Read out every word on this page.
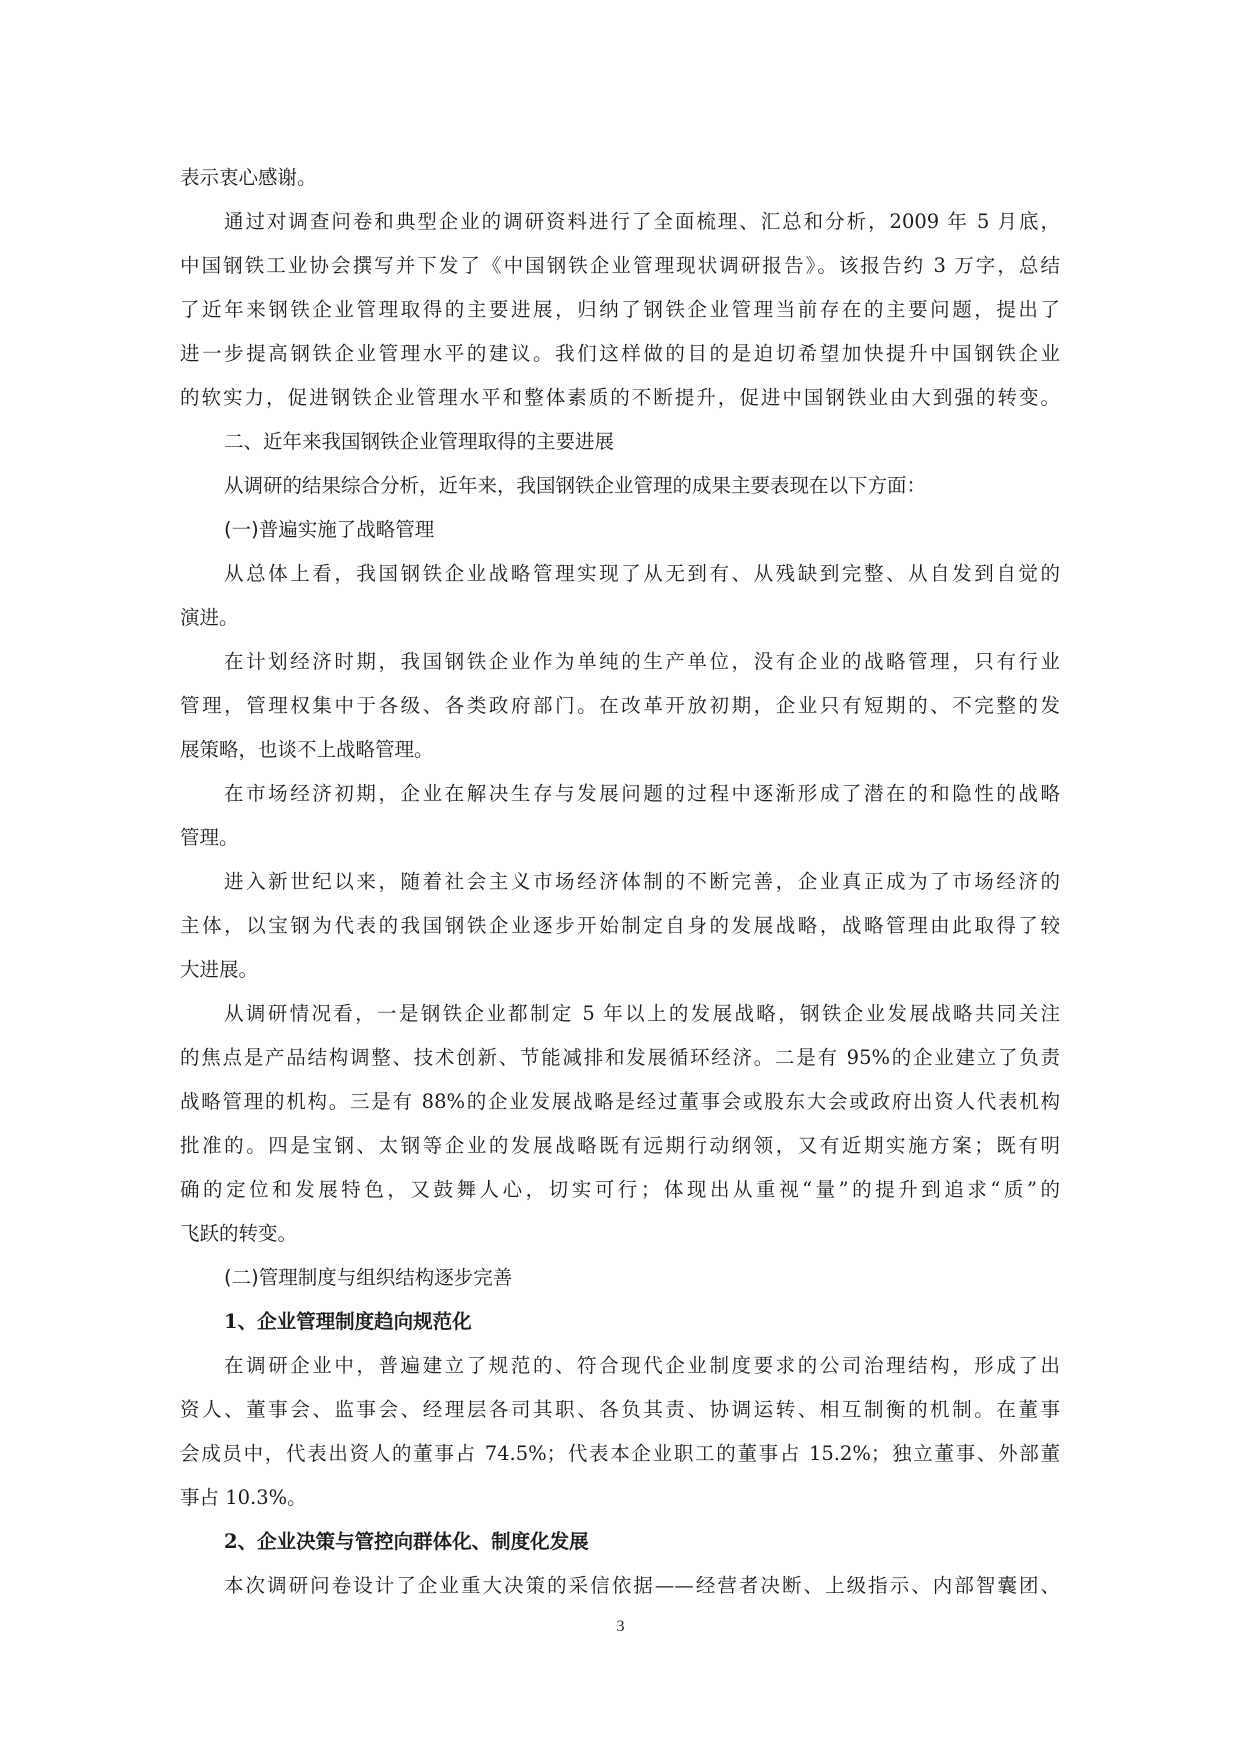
表示衷心感谢。
通过对调查问卷和典型企业的调研资料进行了全面梳理、汇总和分析，2009 年 5 月底，
中国钢铁工业协会撰写并下发了《中国钢铁企业管理现状调研报告》。该报告约 3 万字，总结
了近年来钢铁企业管理取得的主要进展，归纳了钢铁企业管理当前存在的主要问题，提出了
进一步提高钢铁企业管理水平的建议。我们这样做的目的是迫切希望加快提升中国钢铁企业
的软实力，促进钢铁企业管理水平和整体素质的不断提升，促进中国钢铁业由大到强的转变。
二、近年来我国钢铁企业管理取得的主要进展
从调研的结果综合分析，近年来，我国钢铁企业管理的成果主要表现在以下方面：
(一)普遍实施了战略管理
从总体上看，我国钢铁企业战略管理实现了从无到有、从残缺到完整、从自发到自觉的
演进。
在计划经济时期，我国钢铁企业作为单纯的生产单位，没有企业的战略管理，只有行业
管理，管理权集中于各级、各类政府部门。在改革开放初期，企业只有短期的、不完整的发
展策略，也谈不上战略管理。
在市场经济初期，企业在解决生存与发展问题的过程中逐渐形成了潜在的和隐性的战略
管理。
进入新世纪以来，随着社会主义市场经济体制的不断完善，企业真正成为了市场经济的
主体，以宝钢为代表的我国钢铁企业逐步开始制定自身的发展战略，战略管理由此取得了较
大进展。
从调研情况看，一是钢铁企业都制定 5 年以上的发展战略，钢铁企业发展战略共同关注
的焦点是产品结构调整、技术创新、节能减排和发展循环经济。二是有 95%的企业建立了负责
战略管理的机构。三是有 88%的企业发展战略是经过董事会或股东大会或政府出资人代表机构
批准的。四是宝钢、太钢等企业的发展战略既有远期行动纲领，又有近期实施方案；既有明
确的定位和发展特色，又鼓舞人心，切实可行；体现出从重视“量”的提升到追求“质”的
飞跃的转变。
(二)管理制度与组织结构逐步完善
1、企业管理制度趋向规范化
在调研企业中，普遍建立了规范的、符合现代企业制度要求的公司治理结构，形成了出
资人、董事会、监事会、经理层各司其职、各负其责、协调运转、相互制衡的机制。在董事
会成员中，代表出资人的董事占 74.5%；代表本企业职工的董事占 15.2%；独立董事、外部董
事占 10.3%。
2、企业决策与管控向群体化、制度化发展
本次调研问卷设计了企业重大决策的采信依据——经营者决断、上级指示、内部智囊团、
3
